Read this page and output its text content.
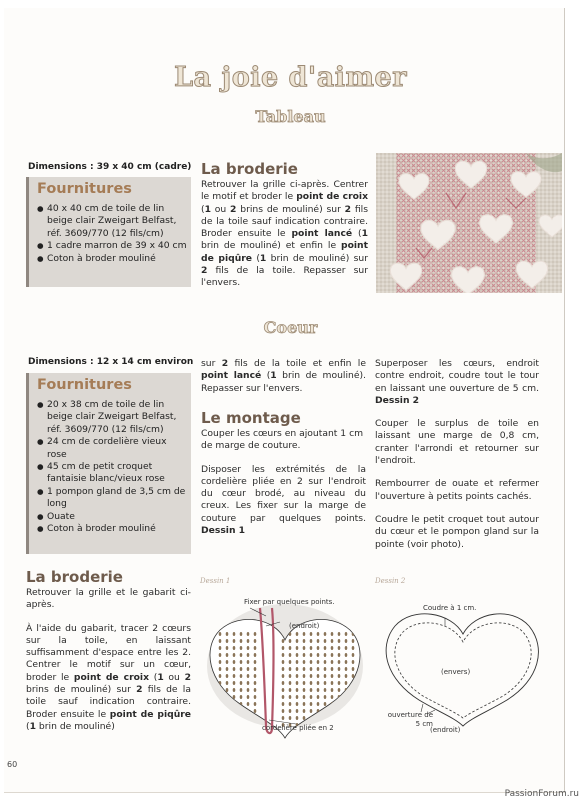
La joie d'aimer
Tableau
Dimensions : 39 x 40 cm (cadre)
Fournitures
● 40 x 40 cm de toile de lin beige clair Zweigart Belfast, réf. 3609/770 (12 fils/cm)
● 1 cadre marron de 39 x 40 cm
● Coton à broder mouliné
La broderie
Retrouver la grille ci-après. Centrer le motif et broder le point de croix (1 ou 2 brins de mouliné) sur 2 fils de la toile sauf indication contraire. Broder ensuite le point lancé (1 brin de mouliné) et enfin le point de piqûre (1 brin de mouliné) sur 2 fils de la toile. Repasser sur l'envers.
Coeur
Dimensions : 12 x 14 cm environ
Fournitures
● 20 x 38 cm de toile de lin beige clair Zweigart Belfast, réf. 3609/770 (12 fils/cm)
● 24 cm de cordelière vieux rose
● 45 cm de petit croquet fantaisie blanc/vieux rose
● 1 pompon gland de 3,5 cm de long
● Ouate
● Coton à broder mouliné
La broderie

Retrouver la grille et le gabarit ci-après.

À l'aide du gabarit, tracer 2 cœurs sur la toile, en laissant suffisamment d'espace entre les 2. Centrer le motif sur un cœur, broder le point de croix (1 ou 2 brins de mouliné) sur 2 fils de la toile sauf indication contraire. Broder ensuite le point de piqûre (1 brin de mouliné)

sur 2 fils de la toile et enfin le point lancé (1 brin de mouliné). Repasser sur l'envers.
Le montage

Couper les cœurs en ajoutant 1 cm de marge de couture.

Disposer les extrémités de la cordelière pliée en 2 sur l'endroit du cœur brodé, au niveau du creux. Les fixer sur la marge de couture par quelques points. Dessin 1

Superposer les cœurs, endroit contre endroit, coudre tout le tour en laissant une ouverture de 5 cm. Dessin 2

Couper le surplus de toile en laissant une marge de 0,8 cm, cranter l'arrondi et retourner sur l'endroit.

Rembourrer de ouate et refermer l'ouverture à petits points cachés.

Coudre le petit croquet tout autour du cœur et le pompon gland sur la pointe (voir photo).

Dessin 1
Fixer par quelques points.
(endroit)
cordelière pliée en 2
Dessin 2
Coudre à 1 cm.
(envers)
ouverture de 5 cm
(endroit)
60
PassionForum.ru
